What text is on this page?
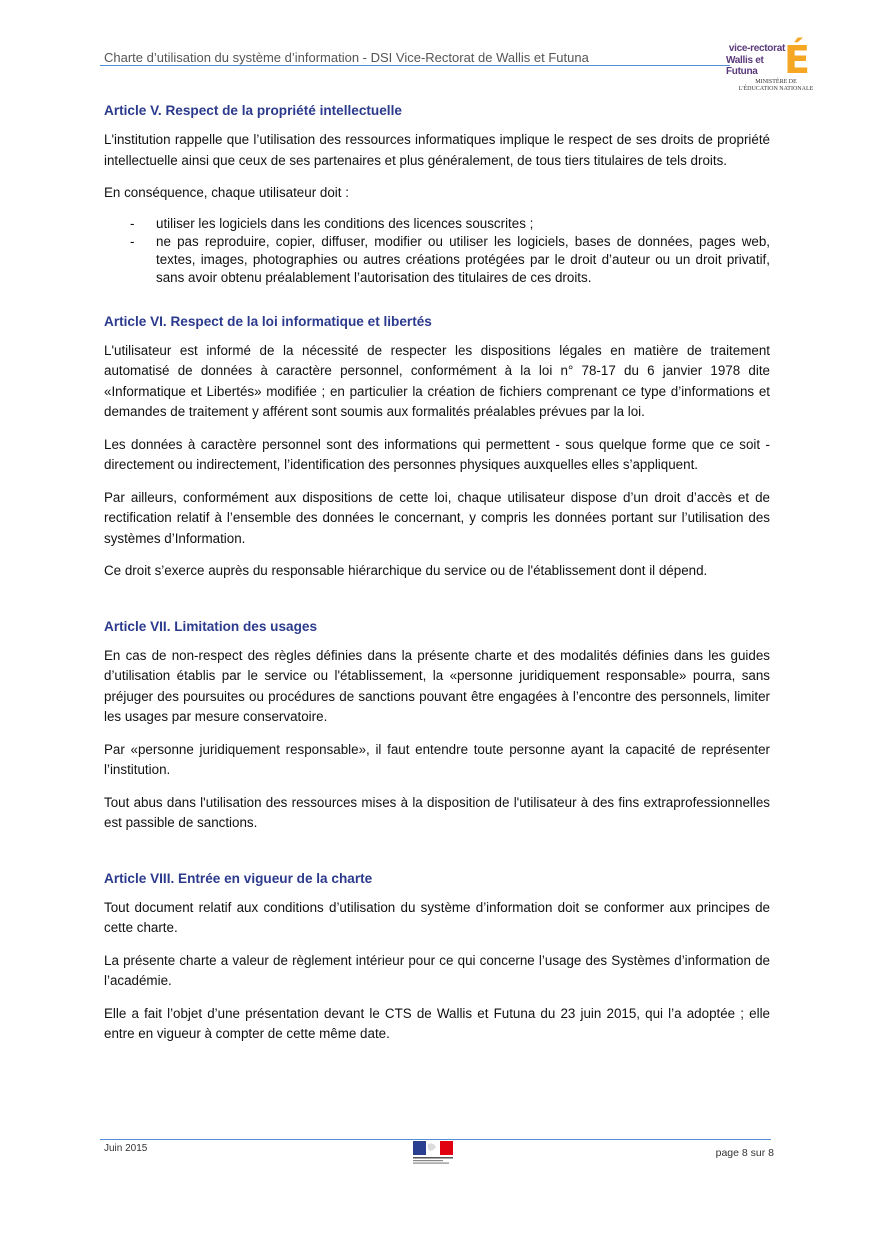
Charte d’utilisation du système d’information - DSI Vice-Rectorat de Wallis et Futuna
vice-rectorat
Wallis et Futuna É
MINISTÈRE DE
L'ÉDUCATION NATIONALE
Article V. Respect de la propriété intellectuelle

L'institution rappelle que l’utilisation des ressources informatiques implique le respect de ses droits de propriété intellectuelle ainsi que ceux de ses partenaires et plus généralement, de tous tiers titulaires de tels droits.

En conséquence, chaque utilisateur doit :

- utiliser les logiciels dans les conditions des licences souscrites ;
- ne pas reproduire, copier, diffuser, modifier ou utiliser les logiciels, bases de données, pages web, textes, images, photographies ou autres créations protégées par le droit d’auteur ou un droit privatif, sans avoir obtenu préalablement l’autorisation des titulaires de ces droits.
Article VI. Respect de la loi informatique et libertés

L'utilisateur est informé de la nécessité de respecter les dispositions légales en matière de traitement automatisé de données à caractère personnel, conformément à la loi n° 78-17 du 6 janvier 1978 dite «Informatique et Libertés» modifiée ; en particulier la création de fichiers comprenant ce type d’informations et demandes de traitement y afférent sont soumis aux formalités préalables prévues par la loi.

Les données à caractère personnel sont des informations qui permettent - sous quelque forme que ce soit - directement ou indirectement, l’identification des personnes physiques auxquelles elles s’appliquent.

Par ailleurs, conformément aux dispositions de cette loi, chaque utilisateur dispose d’un droit d’accès et de rectification relatif à l’ensemble des données le concernant, y compris les données portant sur l’utilisation des systèmes d’Information.

Ce droit s’exerce auprès du responsable hiérarchique du service ou de l'établissement dont il dépend.

Article VII. Limitation des usages

En cas de non-respect des règles définies dans la présente charte et des modalités définies dans les guides d’utilisation établis par le service ou l'établissement, la «personne juridiquement responsable» pourra, sans préjuger des poursuites ou procédures de sanctions pouvant être engagées à l’encontre des personnels, limiter les usages par mesure conservatoire.

Par «personne juridiquement responsable», il faut entendre toute personne ayant la capacité de représenter l’institution.

Tout abus dans l'utilisation des ressources mises à la disposition de l'utilisateur à des fins extraprofessionnelles est passible de sanctions.

Article VIII. Entrée en vigueur de la charte

Tout document relatif aux conditions d’utilisation du système d’information doit se conformer aux principes de cette charte.

La présente charte a valeur de règlement intérieur pour ce qui concerne l’usage des Systèmes d’information de l’académie.

Elle a fait l’objet d’une présentation devant le CTS de Wallis et Futuna du 23 juin 2015, qui l’a adoptée ; elle entre en vigueur à compter de cette même date.

Juin 2015	page 8 sur 8
